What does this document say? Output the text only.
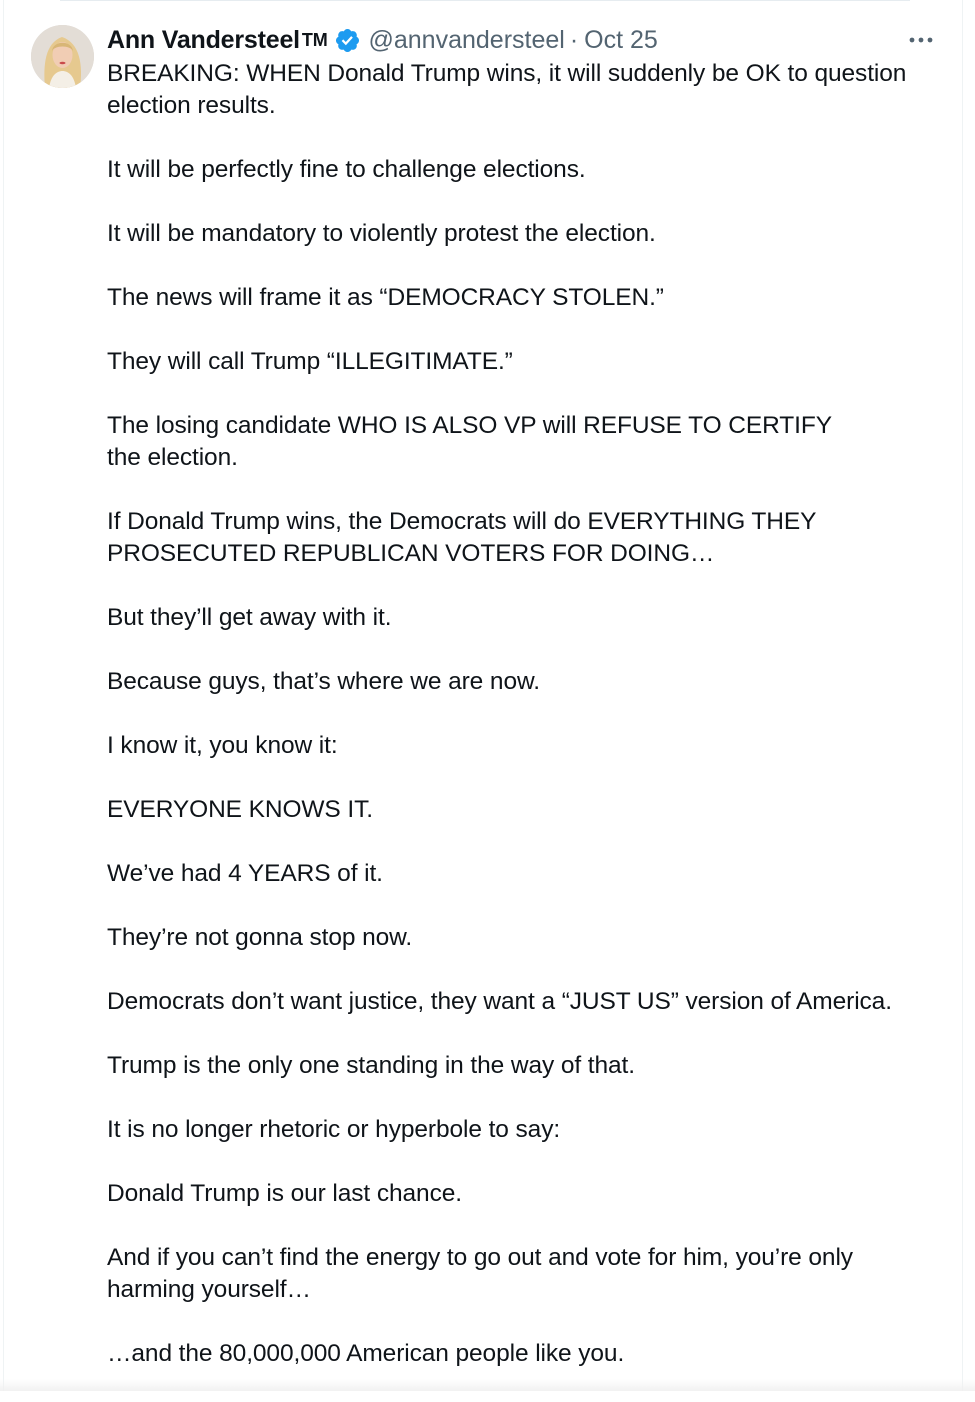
Ann Vandersteel TM @annvandersteel · Oct 25

BREAKING: WHEN Donald Trump wins, it will suddenly be OK to question election results.

It will be perfectly fine to challenge elections.

It will be mandatory to violently protest the election.

The news will frame it as “DEMOCRACY STOLEN.”

They will call Trump “ILLEGITIMATE.”

The losing candidate WHO IS ALSO VP will REFUSE TO CERTIFY the election.

If Donald Trump wins, the Democrats will do EVERYTHING THEY PROSECUTED REPUBLICAN VOTERS FOR DOING…

But they’ll get away with it.

Because guys, that’s where we are now.

I know it, you know it:

EVERYONE KNOWS IT.

We’ve had 4 YEARS of it.

They’re not gonna stop now.

Democrats don’t want justice, they want a “JUST US” version of America.

Trump is the only one standing in the way of that.

It is no longer rhetoric or hyperbole to say:

Donald Trump is our last chance.

And if you can’t find the energy to go out and vote for him, you’re only harming yourself…

…and the 80,000,000 American people like you.
